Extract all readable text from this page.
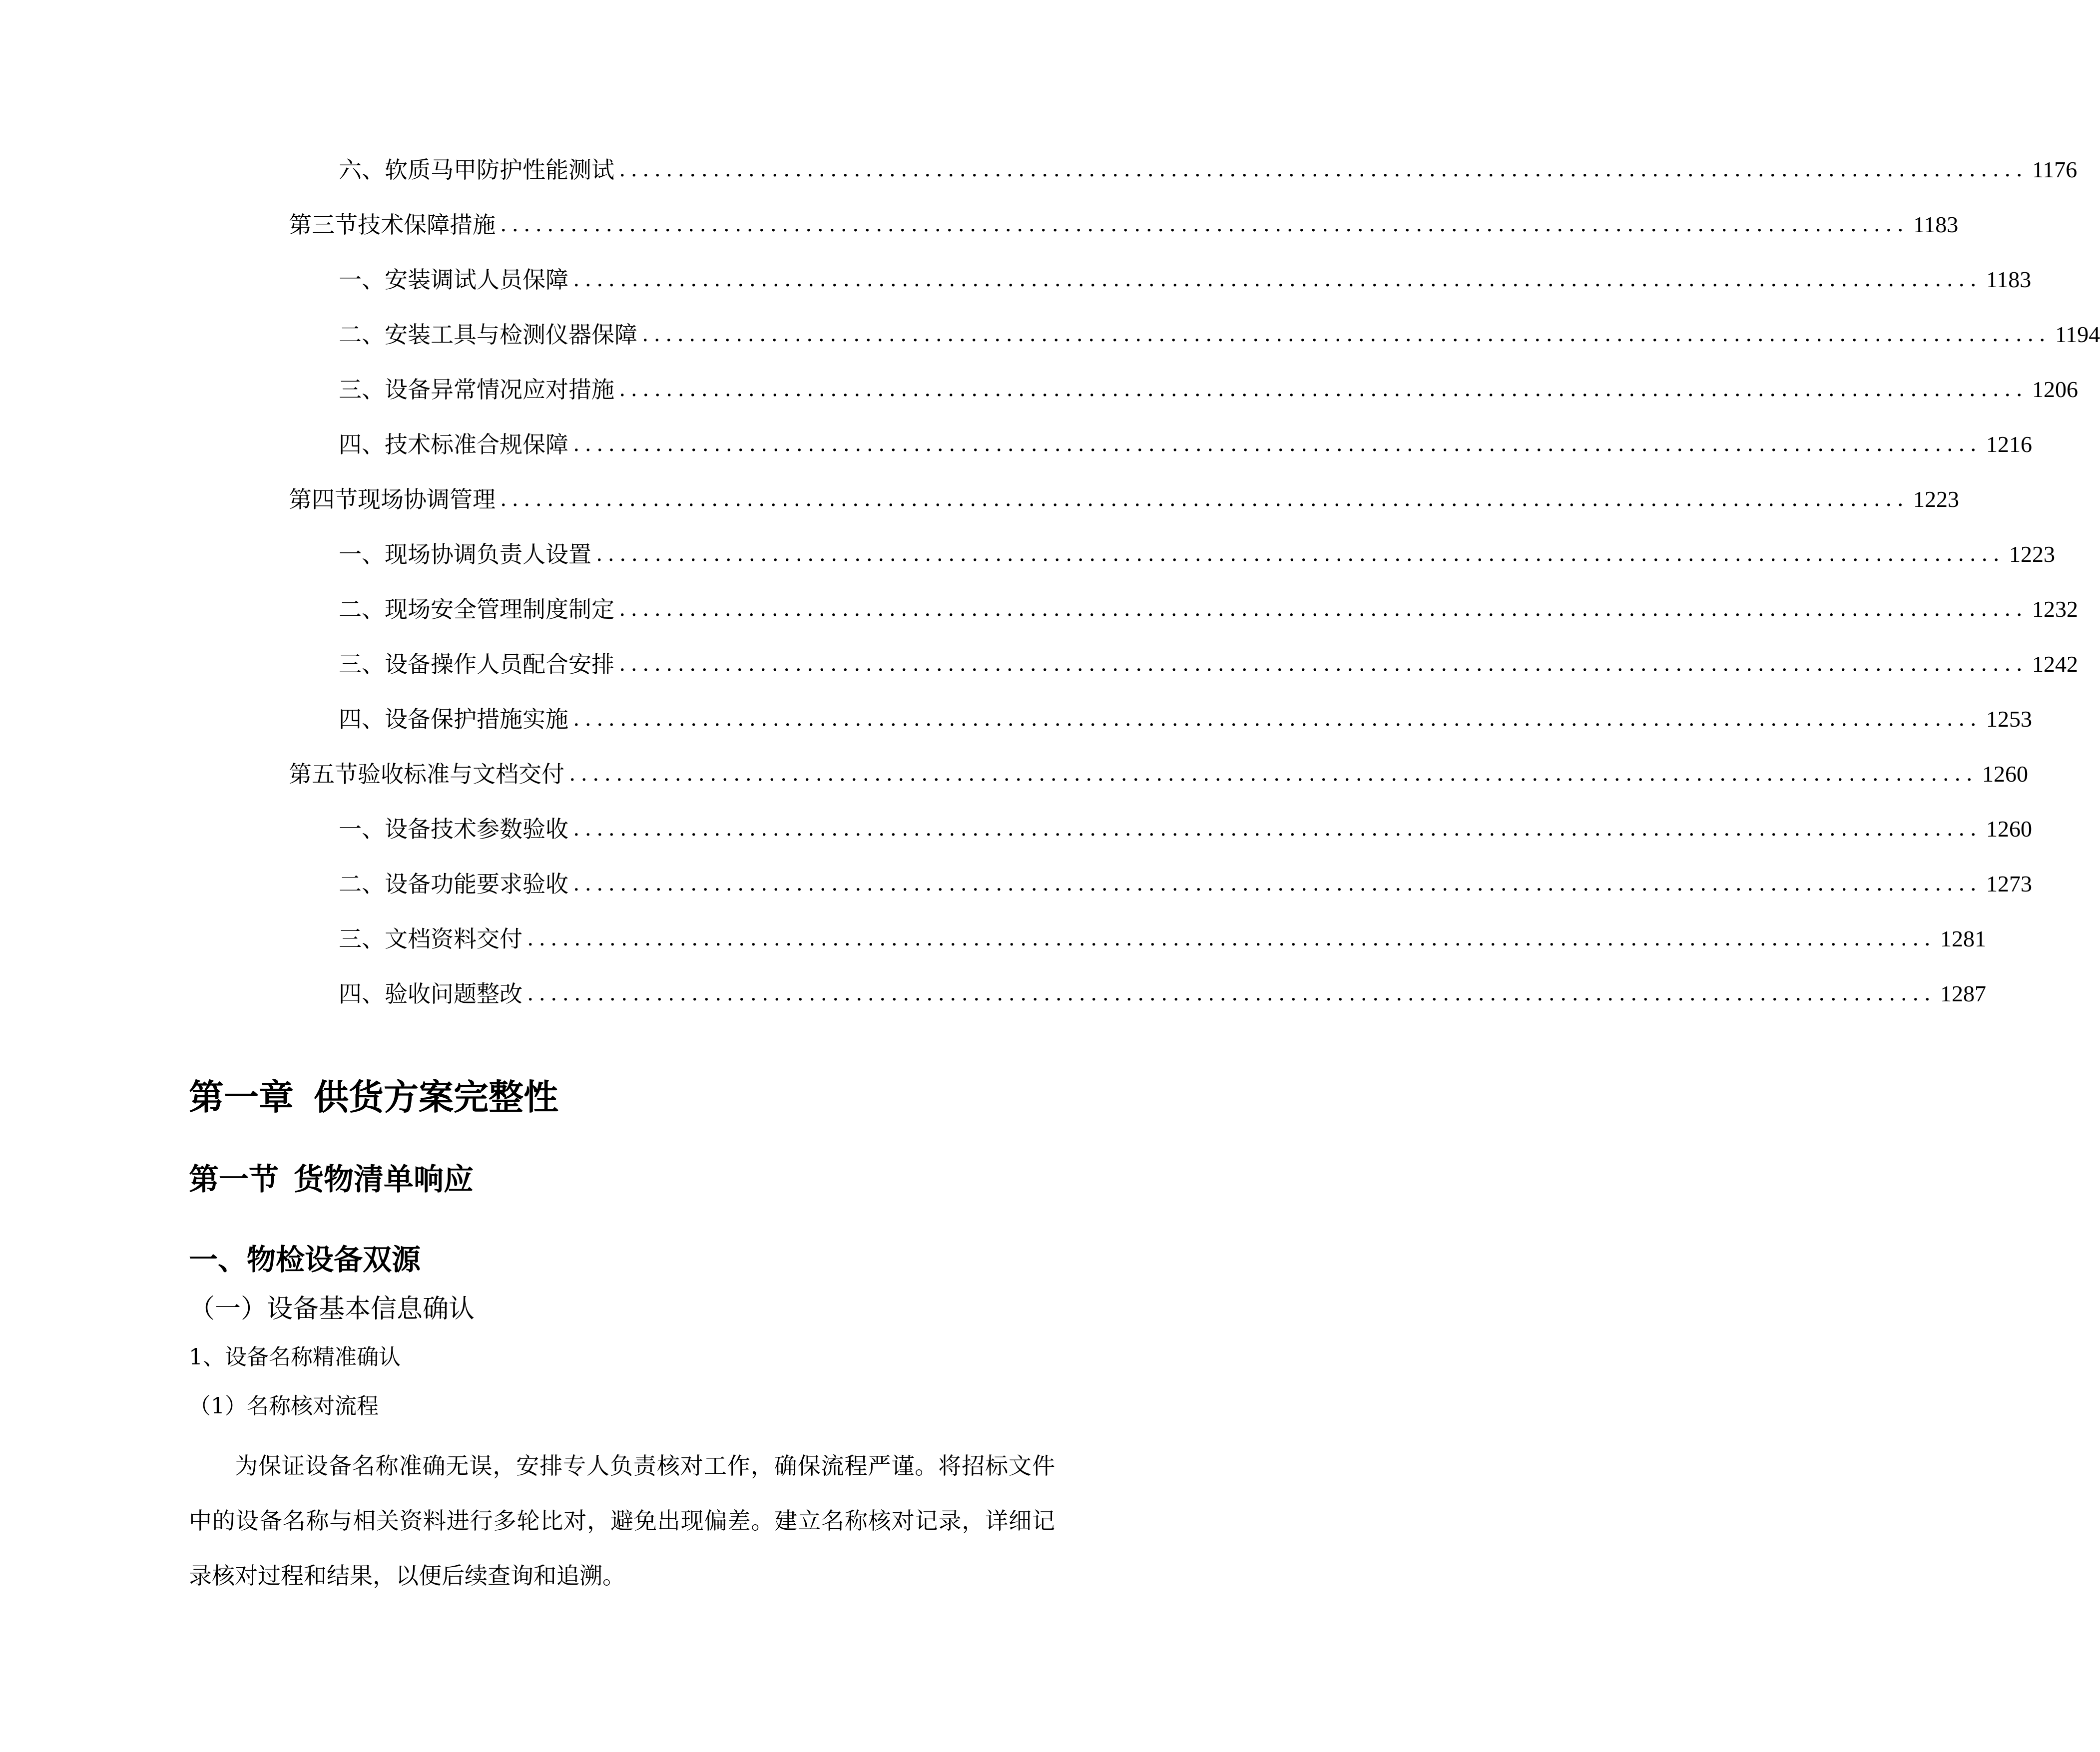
六、 软质马甲防护性能测试 ........................................................................................................................ 1176
第三节 技术保障措施 ........................................................................................................................ 1183
一、 安装调试人员保障 ........................................................................................................................ 1183
二、 安装工具与检测仪器保障 ........................................................................................................................ 1194
三、 设备异常情况应对措施 ........................................................................................................................ 1206
四、 技术标准合规保障 ........................................................................................................................ 1216
第四节 现场协调管理 ........................................................................................................................ 1223
一、 现场协调负责人设置 ........................................................................................................................ 1223
二、 现场安全管理制度制定 ........................................................................................................................ 1232
三、 设备操作人员配合安排 ........................................................................................................................ 1242
四、 设备保护措施实施 ........................................................................................................................ 1253
第五节 验收标准与文档交付 ........................................................................................................................ 1260
一、 设备技术参数验收 ........................................................................................................................ 1260
二、 设备功能要求验收 ........................................................................................................................ 1273
三、 文档资料交付 ........................................................................................................................ 1281
四、 验收问题整改 ........................................................................................................................ 1287
第一章 供货方案完整性
第一节 货物清单响应
一、物检设备双源
（一）设备基本信息确认
1、设备名称精准确认
（1）名称核对流程

为保证设备名称准确无误，安排专人负责核对工作，确保流程严谨。将招标文件中的设备名称与相关资料进行多轮比对，避免出现偏差。建立名称核对记录，详细记录核对过程和结果，以便后续查询和追溯。
